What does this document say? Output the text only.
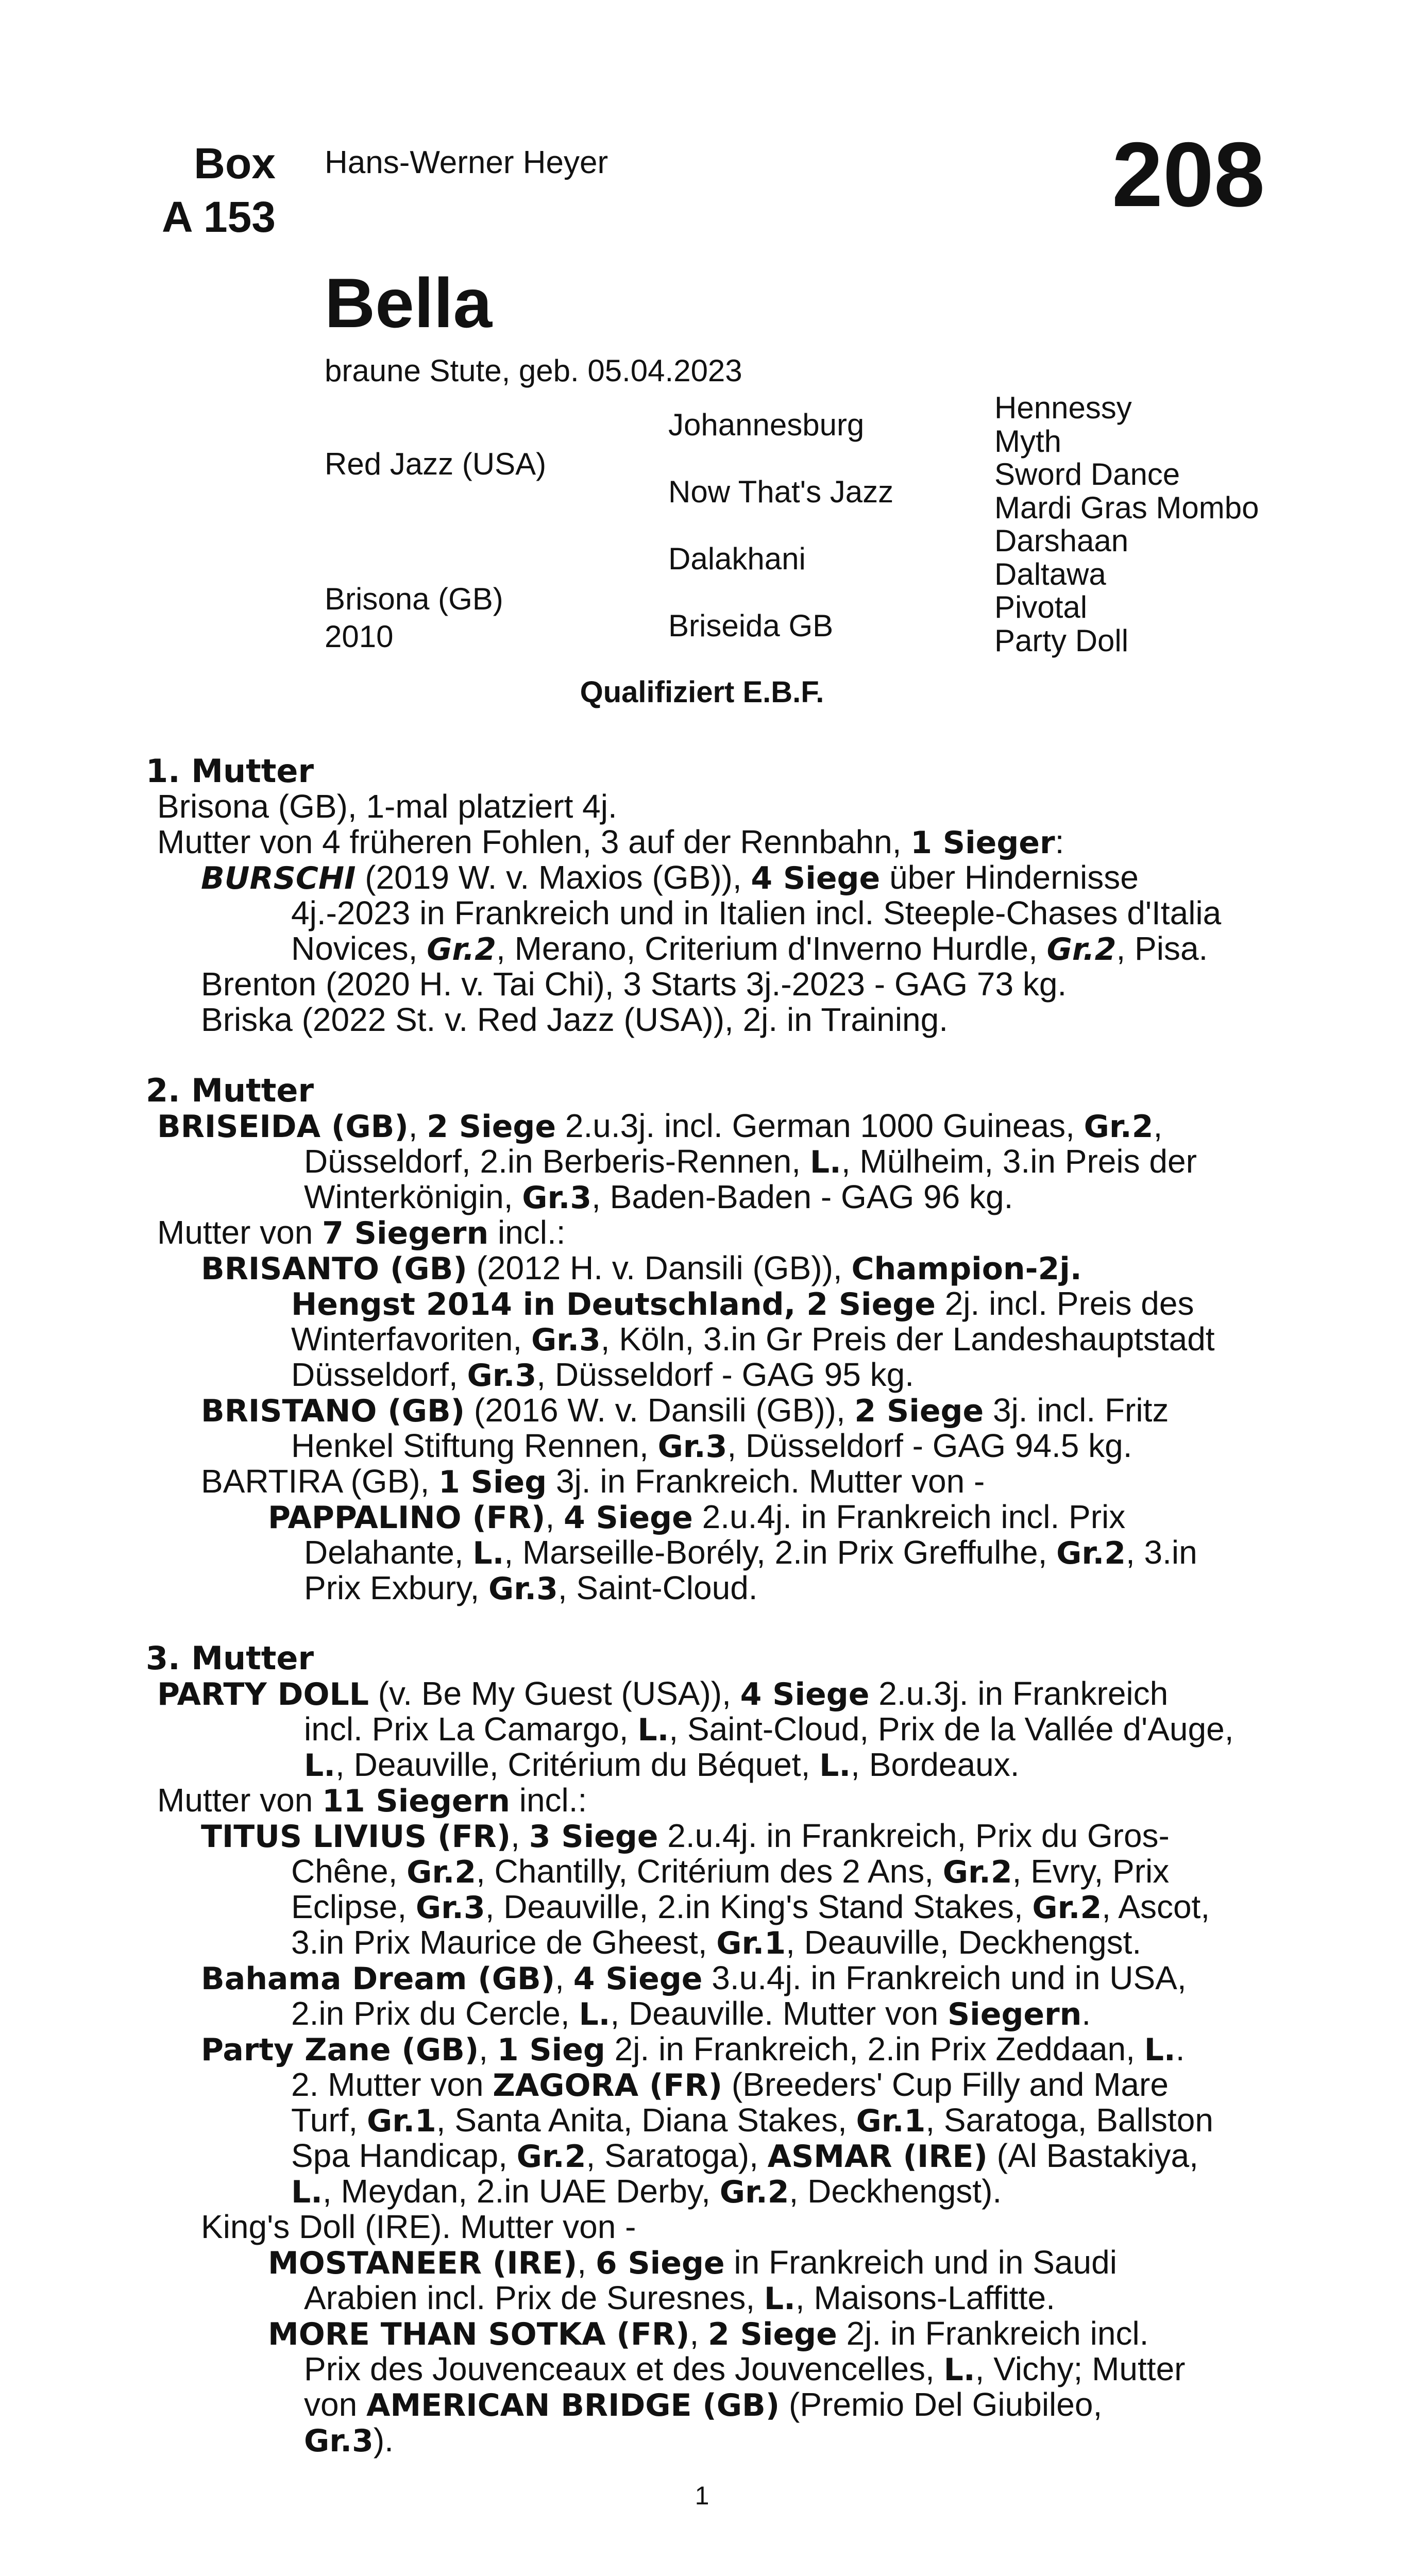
Box
A 153
Hans-Werner Heyer	208
Bella
braune Stute, geb. 05.04.2023
Red Jazz (USA)
Brisona (GB)
2010
Johannesburg
Now That's Jazz
Dalakhani
Briseida GB
Hennessy
Myth
Sword Dance
Mardi Gras Mombo
Darshaan
Daltawa
Pivotal
Party Doll
Qualifiziert E.B.F.
1. Mutter
Brisona (GB), 1-mal platziert 4j.
Mutter von 4 früheren Fohlen, 3 auf der Rennbahn, 1 Sieger:
BURSCHI (2019 W. v. Maxios (GB)), 4 Siege über Hindernisse
4j.-2023 in Frankreich und in Italien incl. Steeple-Chases d'Italia
Novices, Gr.2, Merano, Criterium d'Inverno Hurdle, Gr.2, Pisa.
Brenton (2020 H. v. Tai Chi), 3 Starts 3j.-2023 - GAG 73 kg.
Briska (2022 St. v. Red Jazz (USA)), 2j. in Training.
2. Mutter
BRISEIDA (GB), 2 Siege 2.u.3j. incl. German 1000 Guineas, Gr.2,
Düsseldorf, 2.in Berberis-Rennen, L., Mülheim, 3.in Preis der
Winterkönigin, Gr.3, Baden-Baden - GAG 96 kg.
Mutter von 7 Siegern incl.:
BRISANTO (GB) (2012 H. v. Dansili (GB)), Champion-2j.
Hengst 2014 in Deutschland, 2 Siege 2j. incl. Preis des
Winterfavoriten, Gr.3, Köln, 3.in Gr Preis der Landeshauptstadt
Düsseldorf, Gr.3, Düsseldorf - GAG 95 kg.
BRISTANO (GB) (2016 W. v. Dansili (GB)), 2 Siege 3j. incl. Fritz
Henkel Stiftung Rennen, Gr.3, Düsseldorf - GAG 94.5 kg.
BARTIRA (GB), 1 Sieg 3j. in Frankreich. Mutter von -
PAPPALINO (FR), 4 Siege 2.u.4j. in Frankreich incl. Prix
Delahante, L., Marseille-Borély, 2.in Prix Greffulhe, Gr.2, 3.in
Prix Exbury, Gr.3, Saint-Cloud.
3. Mutter
PARTY DOLL (v. Be My Guest (USA)), 4 Siege 2.u.3j. in Frankreich
incl. Prix La Camargo, L., Saint-Cloud, Prix de la Vallée d'Auge,
L., Deauville, Critérium du Béquet, L., Bordeaux.
Mutter von 11 Siegern incl.:
TITUS LIVIUS (FR), 3 Siege 2.u.4j. in Frankreich, Prix du Gros-
Chêne, Gr.2, Chantilly, Critérium des 2 Ans, Gr.2, Evry, Prix
Eclipse, Gr.3, Deauville, 2.in King's Stand Stakes, Gr.2, Ascot,
3.in Prix Maurice de Gheest, Gr.1, Deauville, Deckhengst.
Bahama Dream (GB), 4 Siege 3.u.4j. in Frankreich und in USA,
2.in Prix du Cercle, L., Deauville. Mutter von Siegern.
Party Zane (GB), 1 Sieg 2j. in Frankreich, 2.in Prix Zeddaan, L..
2. Mutter von ZAGORA (FR) (Breeders' Cup Filly and Mare
Turf, Gr.1, Santa Anita, Diana Stakes, Gr.1, Saratoga, Ballston
Spa Handicap, Gr.2, Saratoga), ASMAR (IRE) (Al Bastakiya,
L., Meydan, 2.in UAE Derby, Gr.2, Deckhengst).
King's Doll (IRE). Mutter von -
MOSTANEER (IRE), 6 Siege in Frankreich und in Saudi
Arabien incl. Prix de Suresnes, L., Maisons-Laffitte.
MORE THAN SOTKA (FR), 2 Siege 2j. in Frankreich incl.
Prix des Jouvenceaux et des Jouvencelles, L., Vichy; Mutter
von AMERICAN BRIDGE (GB) (Premio Del Giubileo,
Gr.3).
1
